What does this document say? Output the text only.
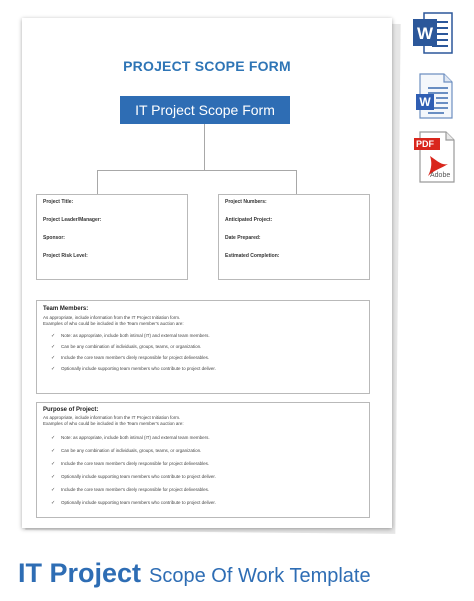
PROJECT SCOPE FORM
IT Project Scope Form
Project Title:
Project Leader/Manager:
Sponsor:
Project Risk Level:
Project Numbers:
Anticipated Project:
Date Prepared:
Estimated Completion:
Team Members:
As appropriate, include information from the IT Project Initiation form.
Examples of who could be included in the Team member's auction are:
✓ Note: as appropriate, include both intimal (IT) and external team members.
✓ Can be any combination of individuals, groups, teams, or organization.
✓ Include the core team member's direly responsible for project deliverables.
✓ Optionally include supporting team members who contribute to project deliver.
Purpose of Project:
As appropriate, include information from the IT Project Initiation form.
Examples of who could be included in the Team member's auction are:
✓ Note: as appropriate, include both intimal (IT) and external team members.
✓ Can be any combination of individuals, groups, teams, or organization.
✓ Include the core team member's direly responsible for project deliverables.
✓ Optionally include supporting team members who contribute to project deliver.
✓ Include the core team member's direly responsible for project deliverables.
✓ Optionally include supporting team members who contribute to project deliver.
W
W
PDF
Adobe
IT Project Scope Of Work Template
